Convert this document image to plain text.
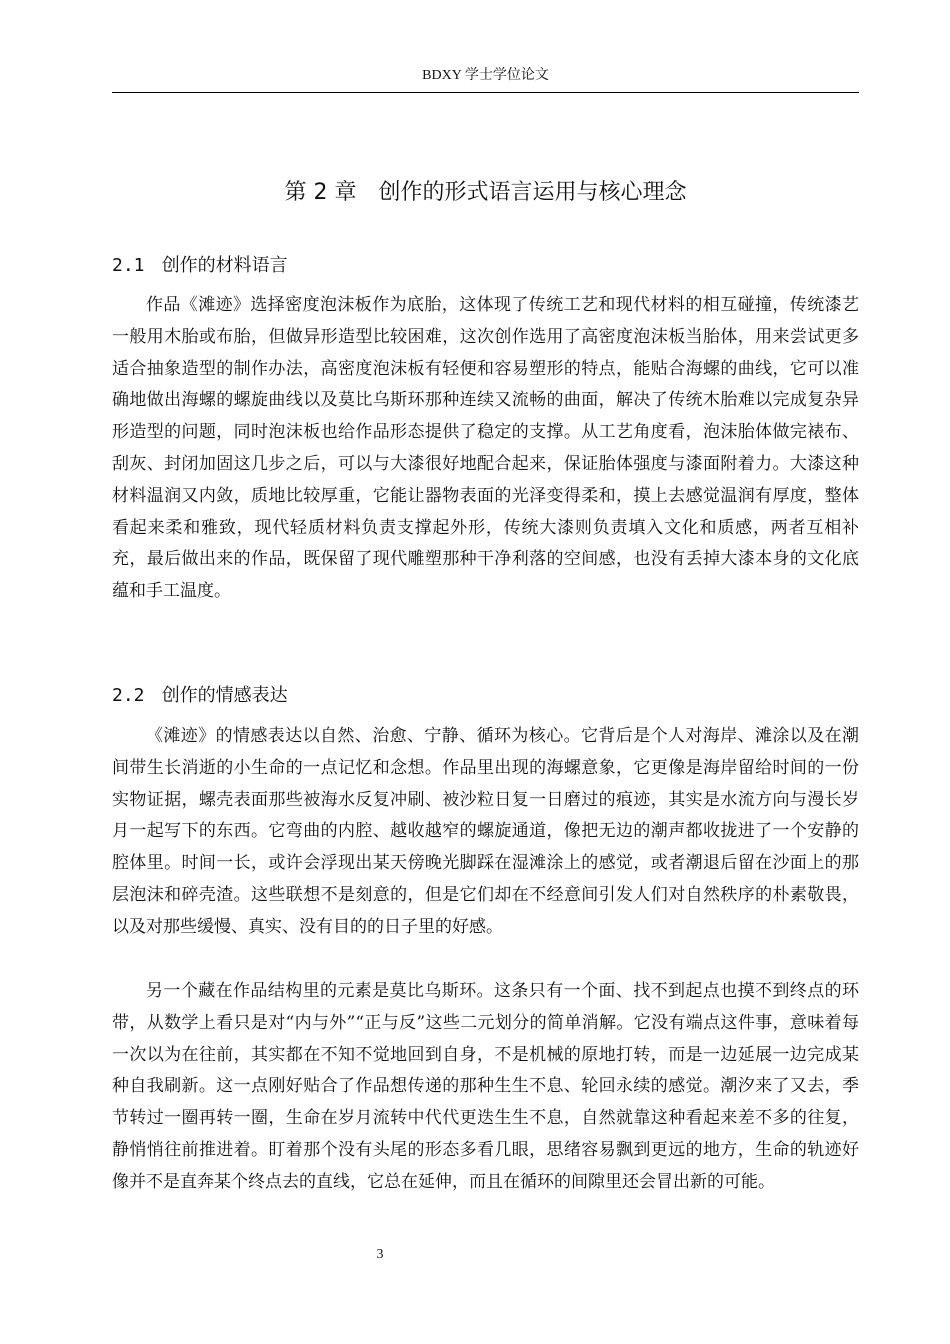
BDXY 学士学位论文
第 2 章　创作的形式语言运用与核心理念
2.1 创作的材料语言

作品《滩迹》选择密度泡沫板作为底胎，这体现了传统工艺和现代材料的相互碰撞，传统漆艺一般用木胎或布胎，但做异形造型比较困难，这次创作选用了高密度泡沫板当胎体，用来尝试更多适合抽象造型的制作办法，高密度泡沫板有轻便和容易塑形的特点，能贴合海螺的曲线，它可以准确地做出海螺的螺旋曲线以及莫比乌斯环那种连续又流畅的曲面，解决了传统木胎难以完成复杂异形造型的问题，同时泡沫板也给作品形态提供了稳定的支撑。从工艺角度看，泡沫胎体做完裱布、刮灰、封闭加固这几步之后，可以与大漆很好地配合起来，保证胎体强度与漆面附着力。大漆这种材料温润又内敛，质地比较厚重，它能让器物表面的光泽变得柔和，摸上去感觉温润有厚度，整体看起来柔和雅致，现代轻质材料负责支撑起外形，传统大漆则负责填入文化和质感，两者互相补充，最后做出来的作品，既保留了现代雕塑那种干净利落的空间感，也没有丢掉大漆本身的文化底蕴和手工温度。

2.2 创作的情感表达

《滩迹》的情感表达以自然、治愈、宁静、循环为核心。它背后是个人对海岸、滩涂以及在潮间带生长消逝的小生命的一点记忆和念想。作品里出现的海螺意象，它更像是海岸留给时间的一份实物证据，螺壳表面那些被海水反复冲刷、被沙粒日复一日磨过的痕迹，其实是水流方向与漫长岁月一起写下的东西。它弯曲的内腔、越收越窄的螺旋通道，像把无边的潮声都收拢进了一个安静的腔体里。时间一长，或许会浮现出某天傍晚光脚踩在湿滩涂上的感觉，或者潮退后留在沙面上的那层泡沫和碎壳渣。这些联想不是刻意的，但是它们却在不经意间引发人们对自然秩序的朴素敬畏，以及对那些缓慢、真实、没有目的的日子里的好感。

另一个藏在作品结构里的元素是莫比乌斯环。这条只有一个面、找不到起点也摸不到终点的环带，从数学上看只是对“内与外”“正与反”这些二元划分的简单消解。它没有端点这件事，意味着每一次以为在往前，其实都在不知不觉地回到自身，不是机械的原地打转，而是一边延展一边完成某种自我刷新。这一点刚好贴合了作品想传递的那种生生不息、轮回永续的感觉。潮汐来了又去，季节转过一圈再转一圈，生命在岁月流转中代代更迭生生不息，自然就靠这种看起来差不多的往复，静悄悄往前推进着。盯着那个没有头尾的形态多看几眼，思绪容易飘到更远的地方，生命的轨迹好像并不是直奔某个终点去的直线，它总在延伸，而且在循环的间隙里还会冒出新的可能。

3
